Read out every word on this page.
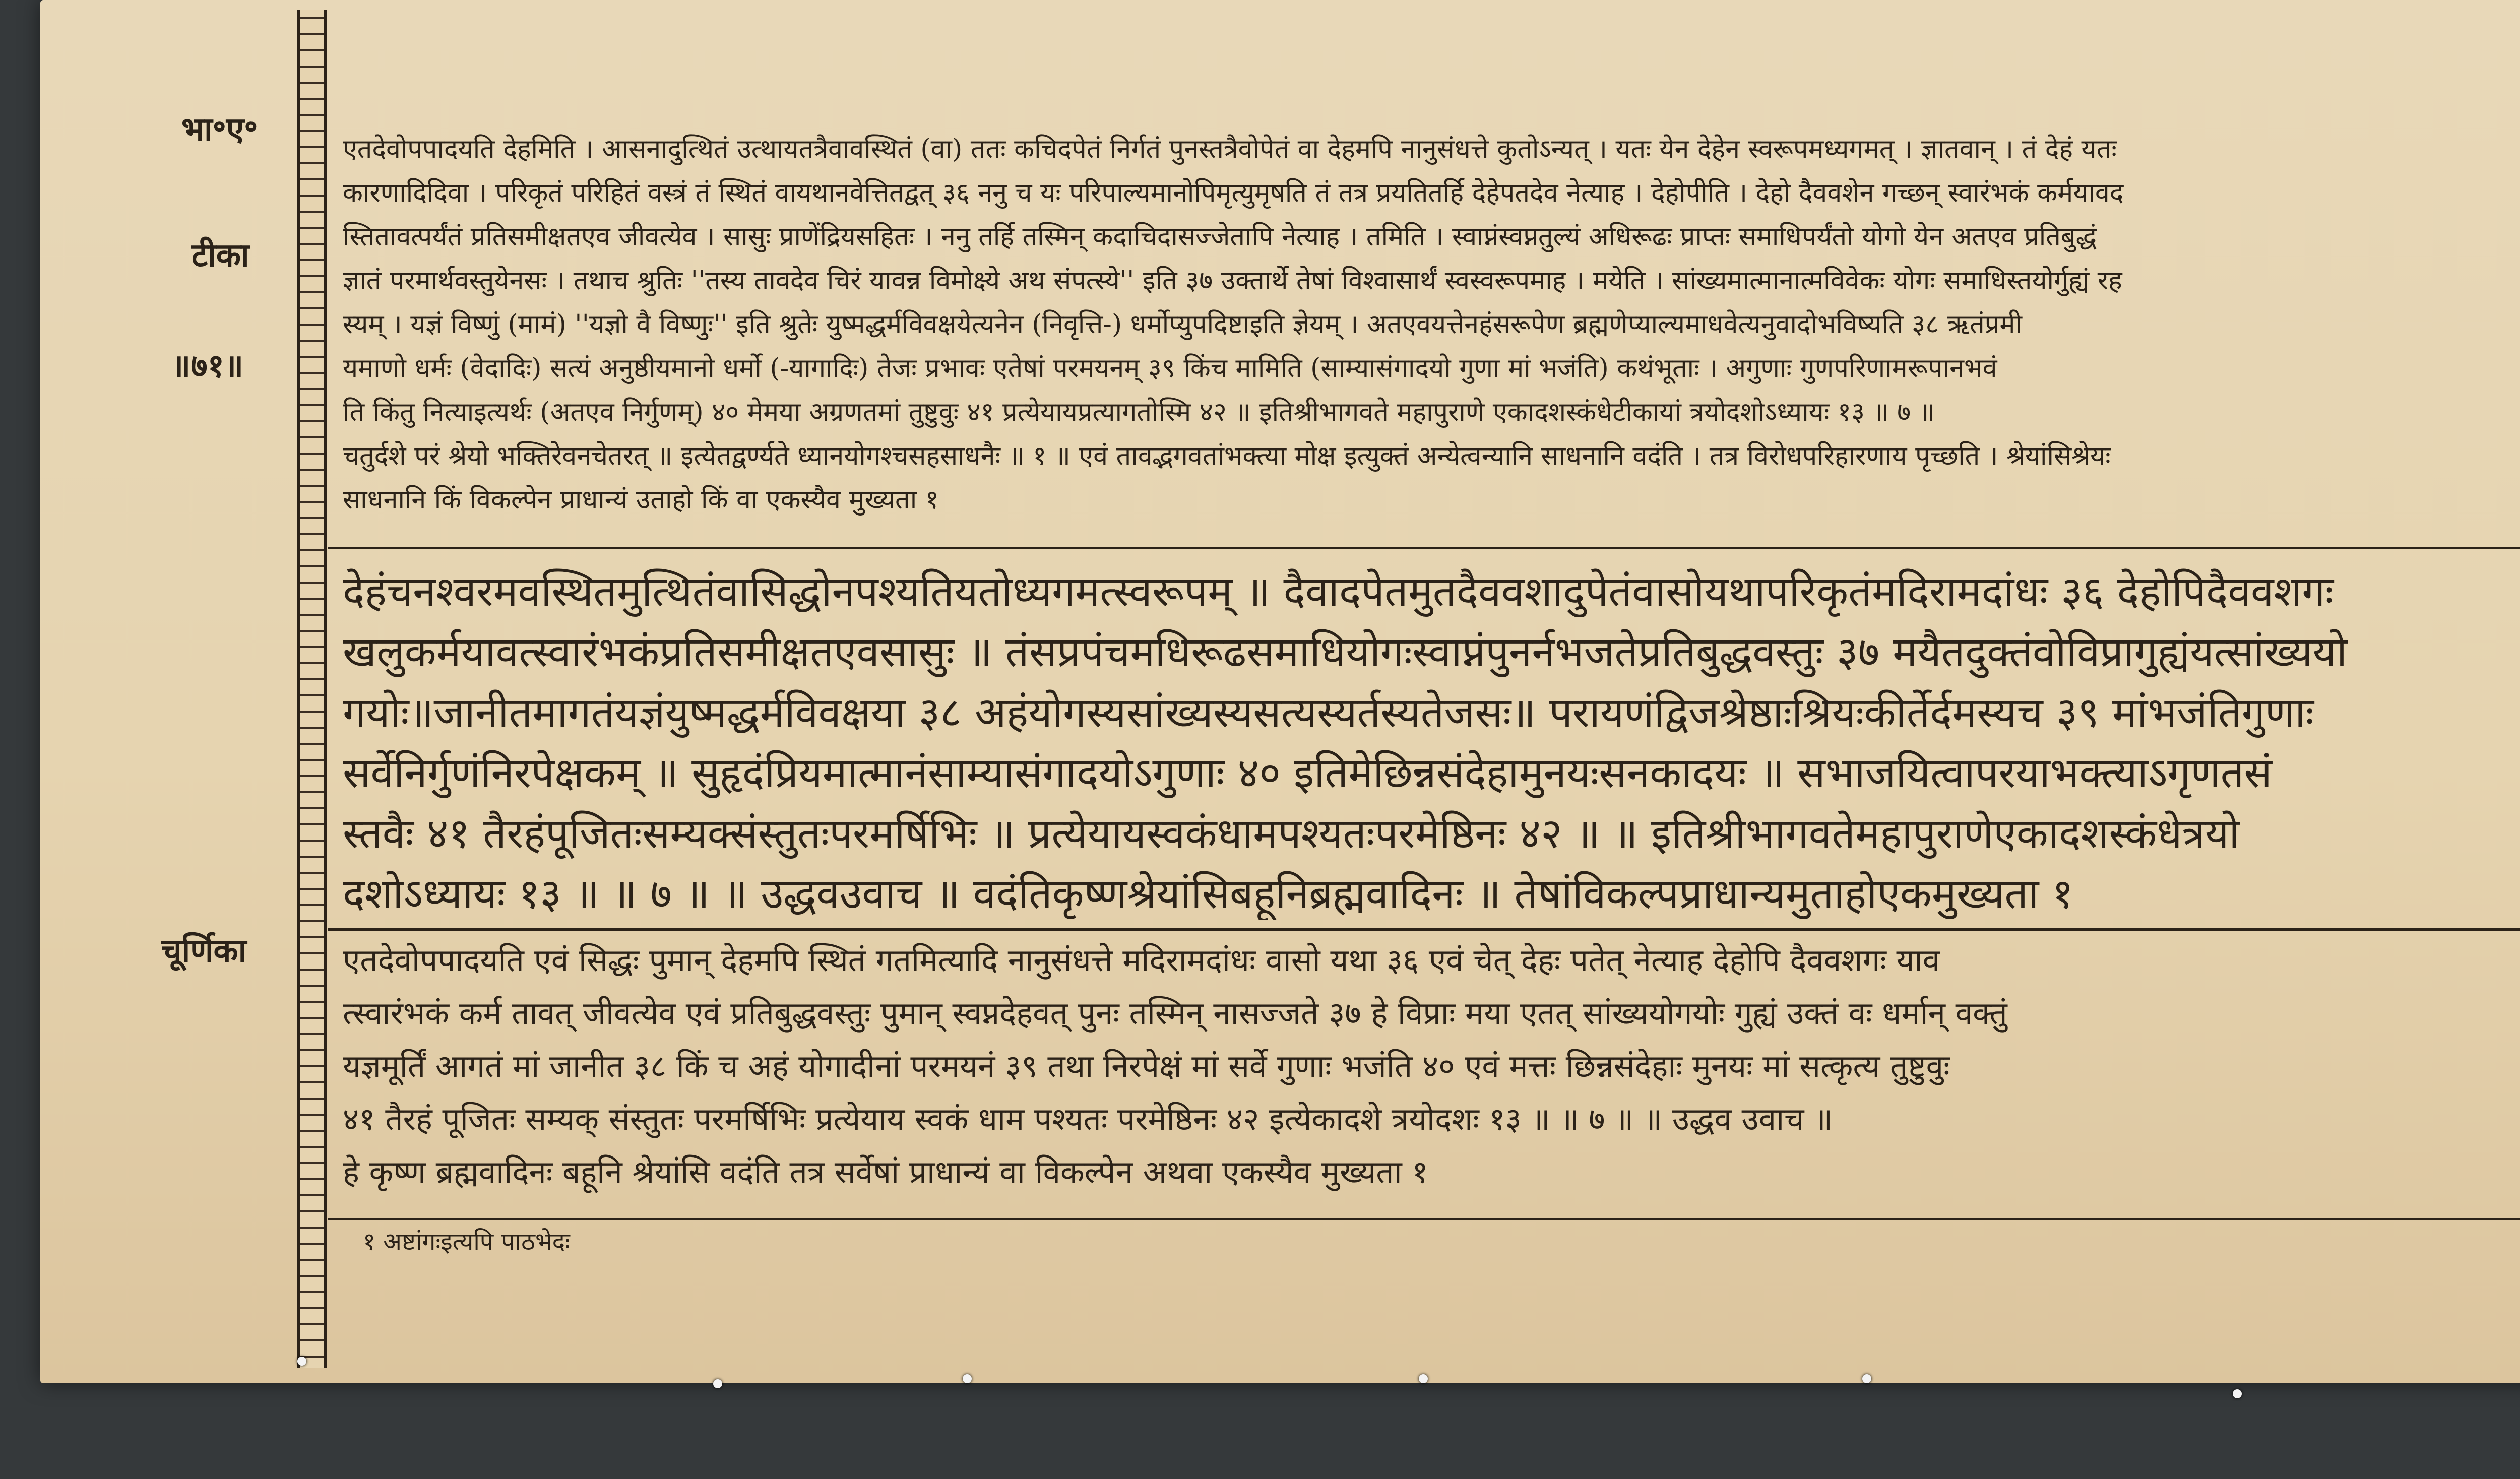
भा॰ए॰
टीका
॥७१॥
चूर्णिका
एतदेवोपपादयति देहमिति । आसनादुत्थितं उत्थायतत्रैवावस्थितं (वा) ततः कचिदपेतं निर्गतं पुनस्तत्रैवोपेतं वा देहमपि नानुसंधत्ते कुतोऽन्यत् । यतः येन देहेन स्वरूपमध्यगमत् । ज्ञातवान् । तं देहं यतः
कारणादिदिवा । परिकृतं परिहितं वस्त्रं तं स्थितं वायथानवेत्तितद्वत् ३६ ननु च यः परिपाल्यमानोपिमृत्युमृषति तं तत्र प्रयतितर्हि देहेपतदेव नेत्याह । देहोपीति । देहो दैववशेन गच्छन् स्वारंभकं कर्मयावद
स्तितावत्पर्यंतं प्रतिसमीक्षतएव जीवत्येव । सासुः प्राणेंद्रियसहितः । ननु तर्हि तस्मिन् कदाचिदासज्जेतापि नेत्याह । तमिति । स्वाप्नंस्वप्नतुल्यं अधिरूढः प्राप्तः समाधिपर्यंतो योगो येन अतएव प्रतिबुद्धं
ज्ञातं परमार्थवस्तुयेनसः । तथाच श्रुतिः ''तस्य तावदेव चिरं यावन्न विमोक्ष्ये अथ संपत्स्ये'' इति ३७ उक्तार्थे तेषां विश्वासार्थं स्वस्वरूपमाह । मयेति । सांख्यमात्मानात्मविवेकः योगः समाधिस्तयोर्गुह्यं रह
स्यम् । यज्ञं विष्णुं (मामं) ''यज्ञो वै विष्णुः'' इति श्रुतेः युष्मद्धर्मविवक्षयेत्यनेन (निवृत्ति-) धर्मोप्युपदिष्टाइति ज्ञेयम् । अतएवयत्तेनहंसरूपेण ब्रह्मणेप्याल्यमाधवेत्यनुवादोभविष्यति ३८ ऋतंप्रमी
यमाणो धर्मः (वेदादिः) सत्यं अनुष्ठीयमानो धर्मो (-यागादिः) तेजः प्रभावः एतेषां परमयनम् ३९ किंच मामिति (साम्यासंगादयो गुणा मां भजंति) कथंभूताः । अगुणाः गुणपरिणामरूपानभवं
ति किंतु नित्याइत्यर्थः (अतएव निर्गुणम्) ४० मेमया अग्रणतमां तुष्टुवुः ४१ प्रत्येयायप्रत्यागतोस्मि ४२ ॥ इतिश्रीभागवते महापुराणे एकादशस्कंधेटीकायां त्रयोदशोऽध्यायः १३ ॥ ७ ॥
चतुर्दशे परं श्रेयो भक्तिरेवनचेतरत् ॥ इत्येतद्वर्ण्यते ध्यानयोगश्चसहसाधनैः ॥ १ ॥ एवं तावद्भगवतांभक्त्या मोक्ष इत्युक्तं अन्येत्वन्यानि साधनानि वदंति । तत्र विरोधपरिहारणाय पृच्छति । श्रेयांसिश्रेयः
साधनानि किं विकल्पेन प्राधान्यं उताहो किं वा एकस्यैव मुख्यता १
देहंचनश्वरमवस्थितमुत्थितंवासिद्धोनपश्यतियतोध्यगमत्स्वरूपम् ॥ दैवादपेतमुतदैववशादुपेतंवासोयथापरिकृतंमदिरामदांधः ३६ देहोपिदैववशगः
खलुकर्मयावत्स्वारंभकंप्रतिसमीक्षतएवसासुः ॥ तंसप्रपंचमधिरूढसमाधियोगःस्वाप्नंपुनर्नभजतेप्रतिबुद्धवस्तुः ३७ मयैतदुक्तंवोविप्रागुह्यंयत्सांख्ययो
गयोः॥जानीतमागतंयज्ञंयुष्मद्धर्मविवक्षया ३८ अहंयोगस्यसांख्यस्यसत्यस्यर्तस्यतेजसः॥ परायणंद्विजश्रेष्ठाःश्रियःकीर्तेर्दमस्यच ३९ मांभजंतिगुणाः
सर्वेनिर्गुणंनिरपेक्षकम् ॥ सुहृदंप्रियमात्मानंसाम्यासंगादयोऽगुणाः ४० इतिमेछिन्नसंदेहामुनयःसनकादयः ॥ सभाजयित्वापरयाभक्त्याऽगृणतसं
स्तवैः ४१ तैरहंपूजितःसम्यक्संस्तुतःपरमर्षिभिः ॥ प्रत्येयायस्वकंधामपश्यतःपरमेष्ठिनः ४२ ॥ ॥ इतिश्रीभागवतेमहापुराणेएकादशस्कंधेत्रयो
दशोऽध्यायः १३ ॥ ॥ ७ ॥ ॥ उद्धवउवाच ॥ वदंतिकृष्णश्रेयांसिबहूनिब्रह्मवादिनः ॥ तेषांविकल्पप्राधान्यमुताहोएकमुख्यता १
एतदेवोपपादयति एवं सिद्धः पुमान् देहमपि स्थितं गतमित्यादि नानुसंधत्ते मदिरामदांधः वासो यथा ३६ एवं चेत् देहः पतेत् नेत्याह देहोपि दैववशगः याव
त्स्वारंभकं कर्म तावत् जीवत्येव एवं प्रतिबुद्धवस्तुः पुमान् स्वप्नदेहवत् पुनः तस्मिन् नासज्जते ३७ हे विप्राः मया एतत् सांख्ययोगयोः गुह्यं उक्तं वः धर्मान् वक्तुं
यज्ञमूर्तिं आगतं मां जानीत ३८ किं च अहं योगादीनां परमयनं ३९ तथा निरपेक्षं मां सर्वे गुणाः भजंति ४० एवं मत्तः छिन्नसंदेहाः मुनयः मां सत्कृत्य तुष्टुवुः
४१ तैरहं पूजितः सम्यक् संस्तुतः परमर्षिभिः प्रत्येयाय स्वकं धाम पश्यतः परमेष्ठिनः ४२ इत्येकादशे त्रयोदशः १३ ॥ ॥ ७ ॥ ॥ उद्धव उवाच ॥
हे कृष्ण ब्रह्मवादिनः बहूनि श्रेयांसि वदंति तत्र सर्वेषां प्राधान्यं वा विकल्पेन अथवा एकस्यैव मुख्यता १
१ अष्टांगःइत्यपि पाठभेदः
